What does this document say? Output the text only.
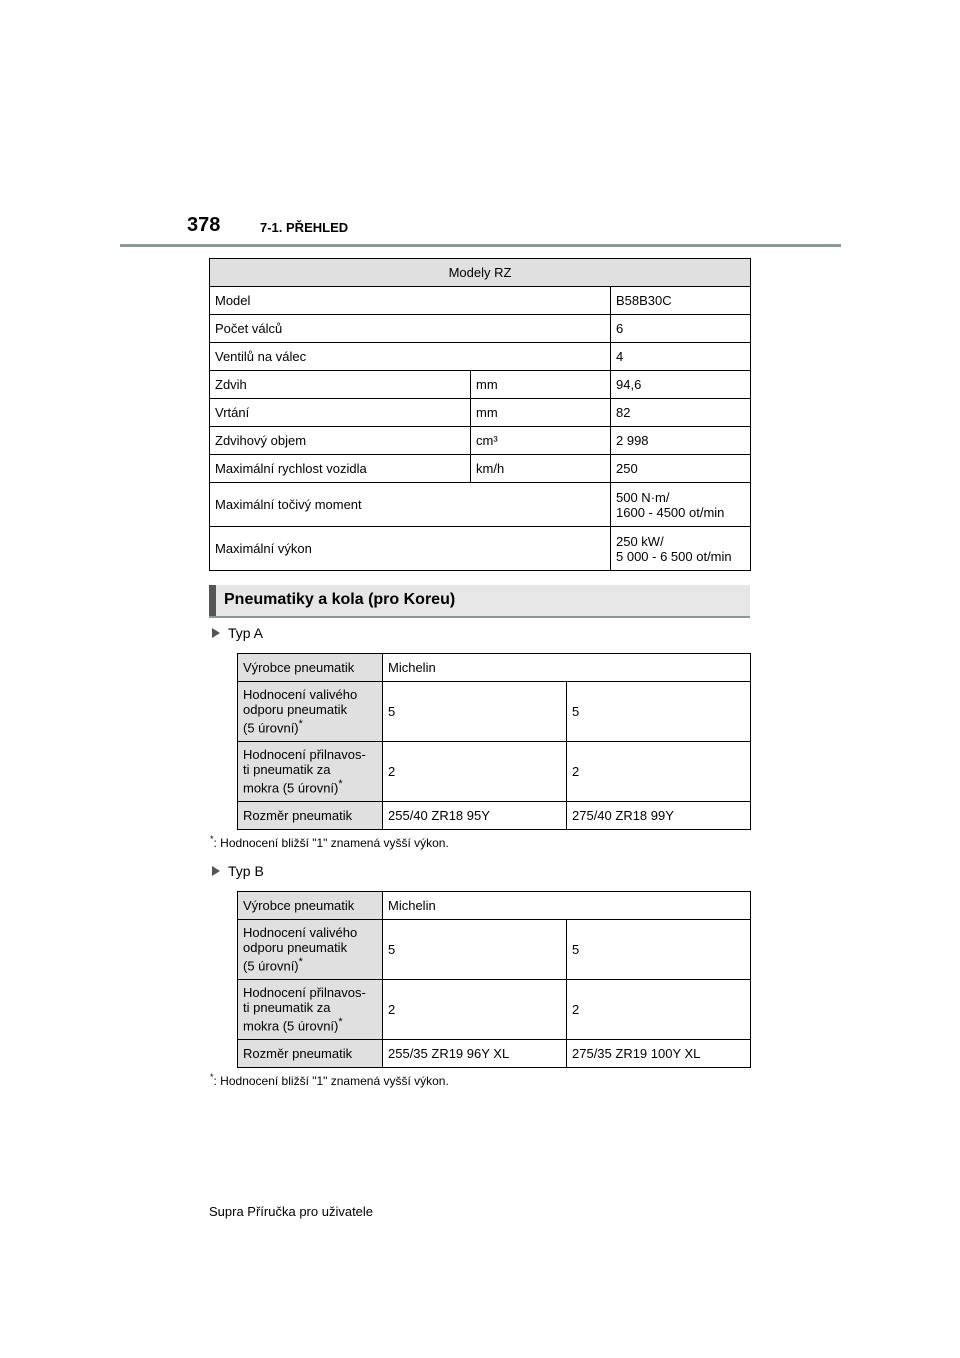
378	7-1. PŘEHLED
Modely RZ		
Model		B58B30C
Počet válců		6
Ventilů na válec		4
Zdvih	mm	94,6
Vrtání	mm	82
Zdvihový objem	cm³	2 998
Maximální rychlost vozidla	km/h	250
Maximální točivý moment		500 N·m/
1600 - 4500 ot/min
Maximální výkon		250 kW/
5 000 - 6 500 ot/min
Pneumatiky a kola (pro Koreu)
Typ A
Výrobce pneumatik	Michelin	
Hodnocení valivého
odporu pneumatik
(5 úrovní)*	5	5
Hodnocení přilnavos-
ti pneumatik za
mokra (5 úrovní)*	2	2
Rozměr pneumatik	255/40 ZR18 95Y	275/40 ZR18 99Y
*: Hodnocení bližší "1" znamená vyšší výkon.
Typ B
Výrobce pneumatik	Michelin	
Hodnocení valivého
odporu pneumatik
(5 úrovní)*	5	5
Hodnocení přilnavos-
ti pneumatik za
mokra (5 úrovní)*	2	2
Rozměr pneumatik	255/35 ZR19 96Y XL	275/35 ZR19 100Y XL
*: Hodnocení bližší "1" znamená vyšší výkon.
Supra Příručka pro uživatele
